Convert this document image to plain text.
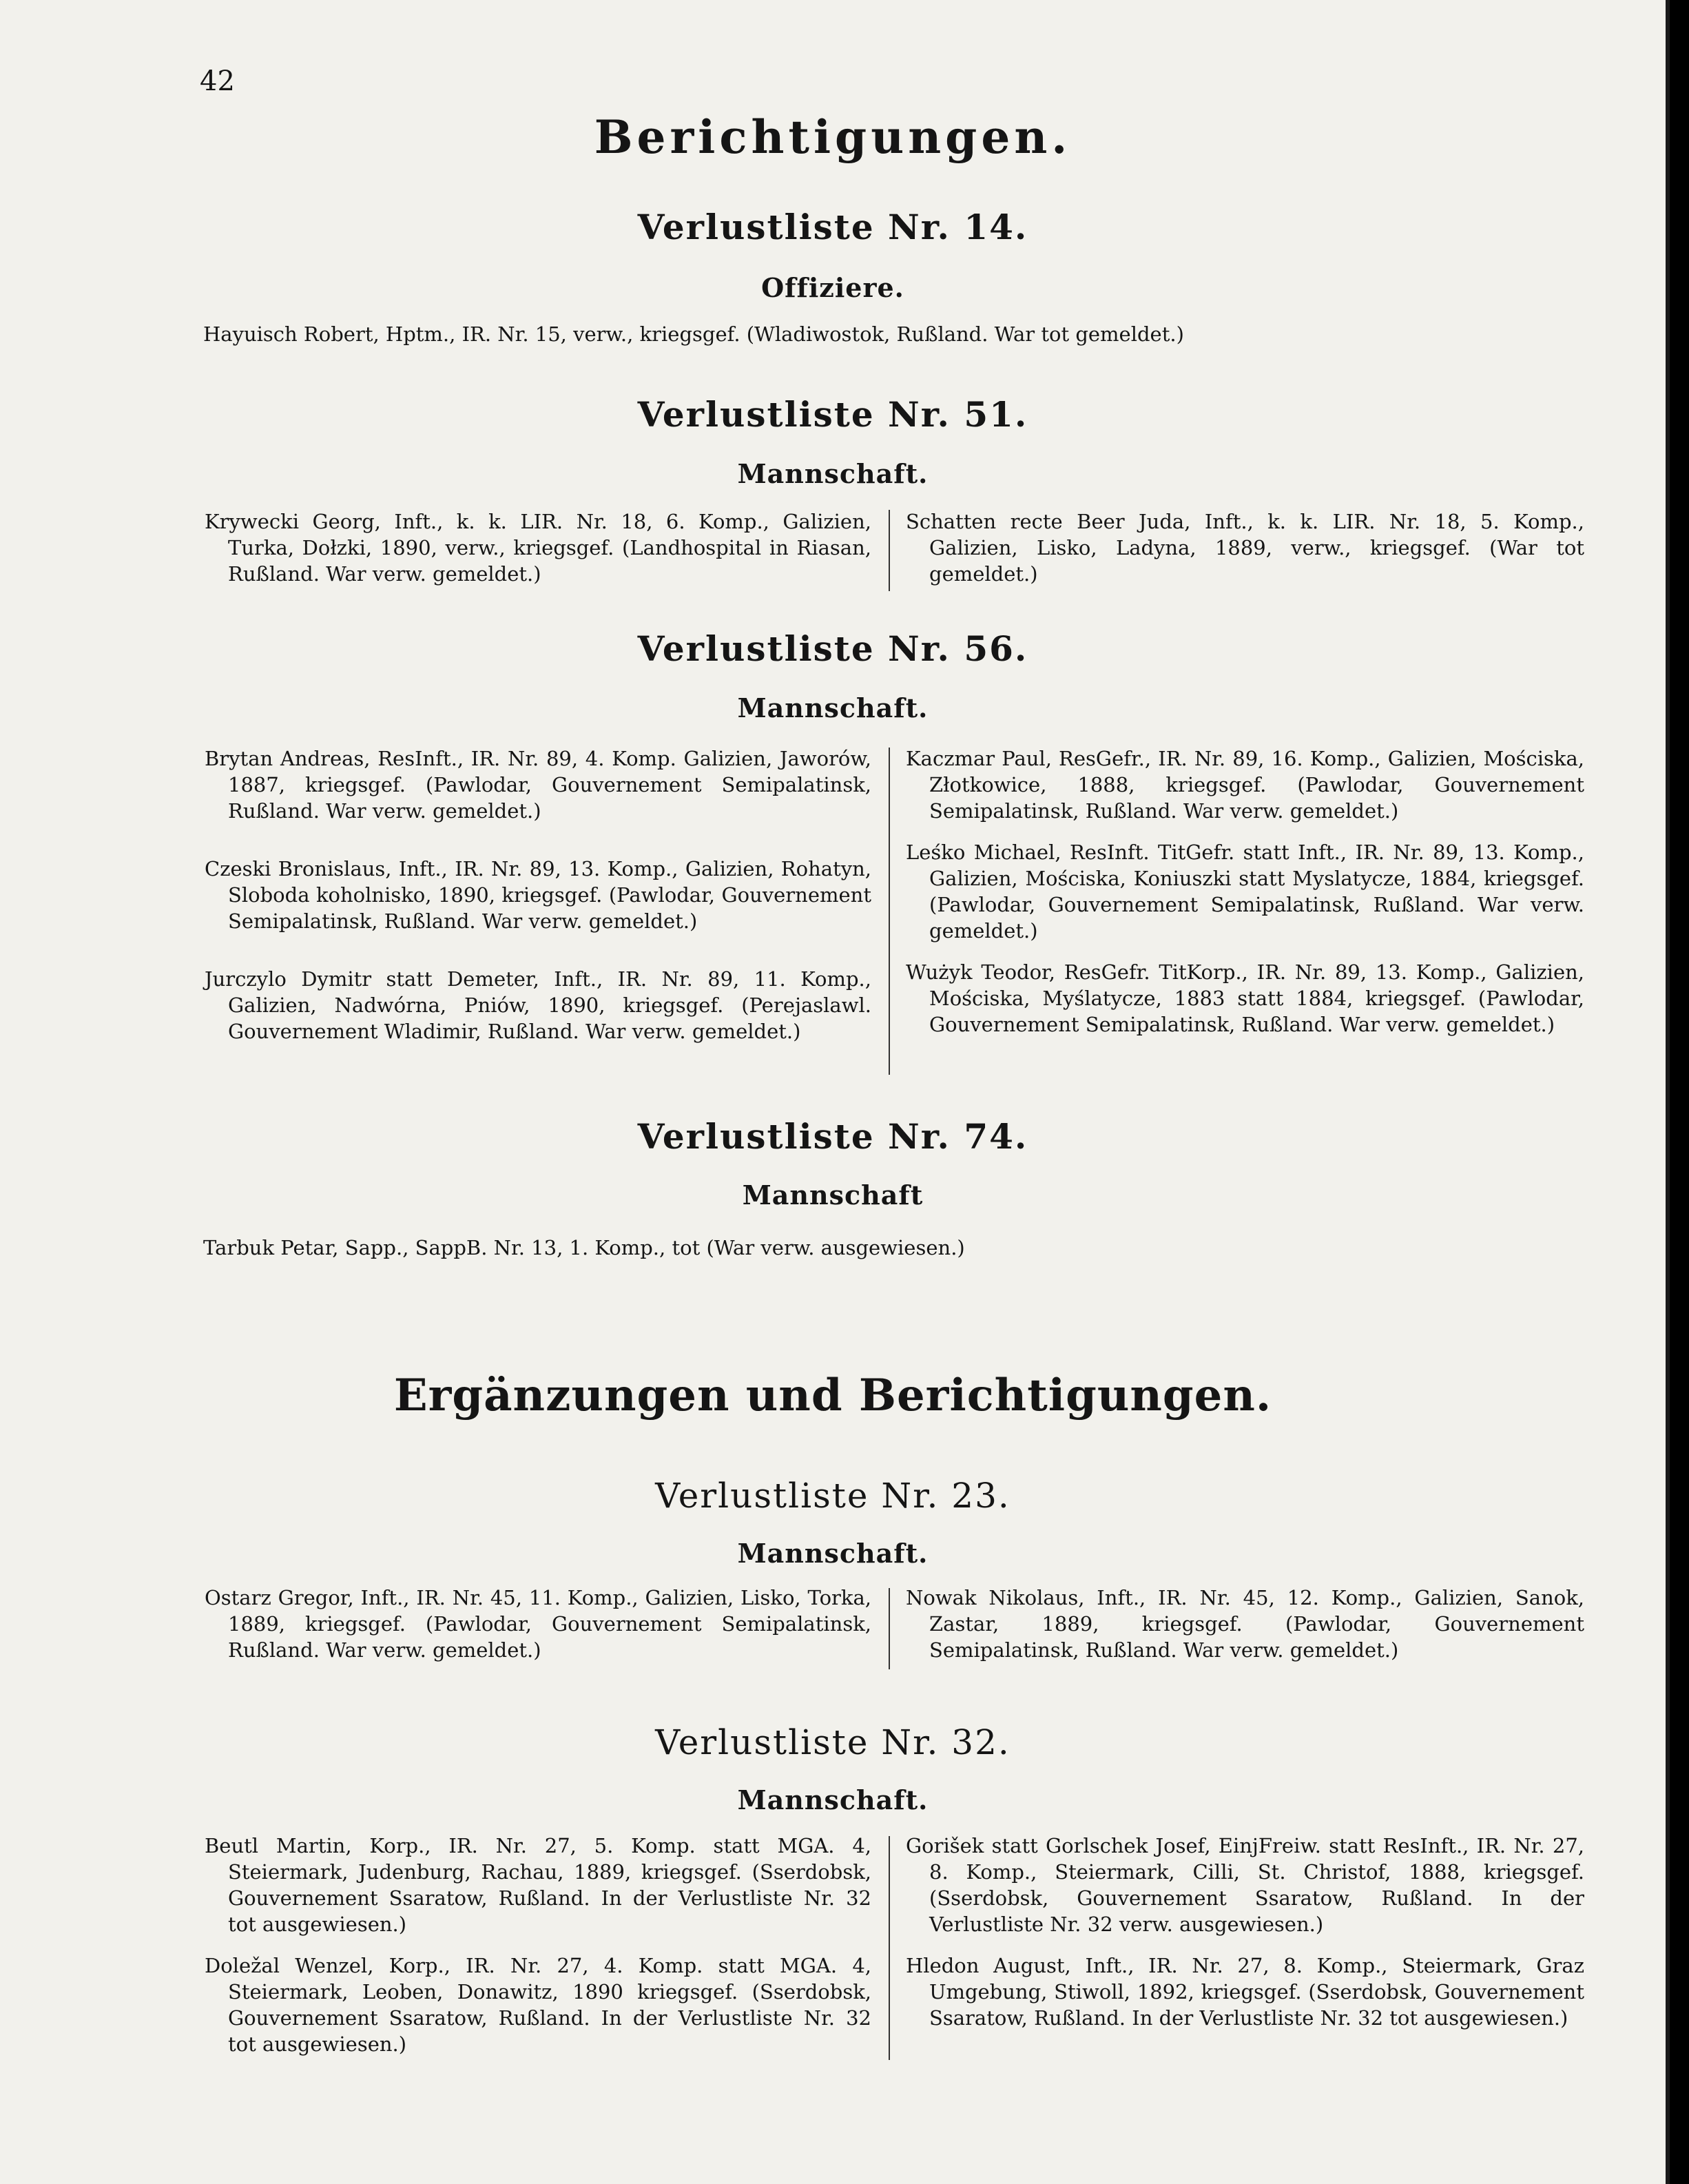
42
Berichtigungen.
Verlustliste Nr. 14.
Offiziere.
Hayuisch Robert, Hptm., IR. Nr. 15, verw., kriegsgef. (Wladiwostok, Rußland. War tot gemeldet.)
Verlustliste Nr. 51.
Mannschaft.
Krywecki Georg, Inft., k. k. LIR. Nr. 18, 6. Komp., Galizien, Turka, Dołzki, 1890, verw., kriegsgef. (Landhospital in Riasan, Rußland. War verw. gemeldet.)
Schatten recte Beer Juda, Inft., k. k. LIR. Nr. 18, 5. Komp., Galizien, Lisko, Ladyna, 1889, verw., kriegsgef. (War tot gemeldet.)
Verlustliste Nr. 56.
Mannschaft.
Brytan Andreas, ResInft., IR. Nr. 89, 4. Komp. Galizien, Jaworów, 1887, kriegsgef. (Pawlodar, Gouvernement Semipalatinsk, Rußland. War verw. gemeldet.)
Czeski Bronislaus, Inft., IR. Nr. 89, 13. Komp., Galizien, Rohatyn, Sloboda koholnisko, 1890, kriegsgef. (Pawlodar, Gouvernement Semipalatinsk, Rußland. War verw. gemeldet.)
Jurczylo Dymitr statt Demeter, Inft., IR. Nr. 89, 11. Komp., Galizien, Nadwórna, Pniów, 1890, kriegsgef. (Perejaslawl. Gouvernement Wladimir, Rußland. War verw. gemeldet.)
Kaczmar Paul, ResGefr., IR. Nr. 89, 16. Komp., Galizien, Mościska, Złotkowice, 1888, kriegsgef. (Pawlodar, Gouvernement Semipalatinsk, Rußland. War verw. gemeldet.)
Leśko Michael, ResInft. TitGefr. statt Inft., IR. Nr. 89, 13. Komp., Galizien, Mościska, Koniuszki statt Myslatycze, 1884, kriegsgef. (Pawlodar, Gouvernement Semipalatinsk, Rußland. War verw. gemeldet.)
Wużyk Teodor, ResGefr. TitKorp., IR. Nr. 89, 13. Komp., Galizien, Mościska, Myślatycze, 1883 statt 1884, kriegsgef. (Pawlodar, Gouvernement Semipalatinsk, Rußland. War verw. gemeldet.)
Verlustliste Nr. 74.
Mannschaft
Tarbuk Petar, Sapp., SappB. Nr. 13, 1. Komp., tot (War verw. ausgewiesen.)
Ergänzungen und Berichtigungen.
Verlustliste Nr. 23.
Mannschaft.
Ostarz Gregor, Inft., IR. Nr. 45, 11. Komp., Galizien, Lisko, Torka, 1889, kriegsgef. (Pawlodar, Gouvernement Semipalatinsk, Rußland. War verw. gemeldet.)
Nowak Nikolaus, Inft., IR. Nr. 45, 12. Komp., Galizien, Sanok, Zastar, 1889, kriegsgef. (Pawlodar, Gouvernement Semipalatinsk, Rußland. War verw. gemeldet.)
Verlustliste Nr. 32.
Mannschaft.
Beutl Martin, Korp., IR. Nr. 27, 5. Komp. statt MGA. 4, Steiermark, Judenburg, Rachau, 1889, kriegsgef. (Sserdobsk, Gouvernement Ssaratow, Rußland. In der Verlustliste Nr. 32 tot ausgewiesen.)
Doležal Wenzel, Korp., IR. Nr. 27, 4. Komp. statt MGA. 4, Steiermark, Leoben, Donawitz, 1890 kriegsgef. (Sserdobsk, Gouvernement Ssaratow, Rußland. In der Verlustliste Nr. 32 tot ausgewiesen.)
Gorišek statt Gorlschek Josef, EinjFreiw. statt ResInft., IR. Nr. 27, 8. Komp., Steiermark, Cilli, St. Christof, 1888, kriegsgef. (Sserdobsk, Gouvernement Ssaratow, Rußland. In der Verlustliste Nr. 32 verw. ausgewiesen.)
Hledon August, Inft., IR. Nr. 27, 8. Komp., Steiermark, Graz Umgebung, Stiwoll, 1892, kriegsgef. (Sserdobsk, Gouvernement Ssaratow, Rußland. In der Verlustliste Nr. 32 tot ausgewiesen.)
